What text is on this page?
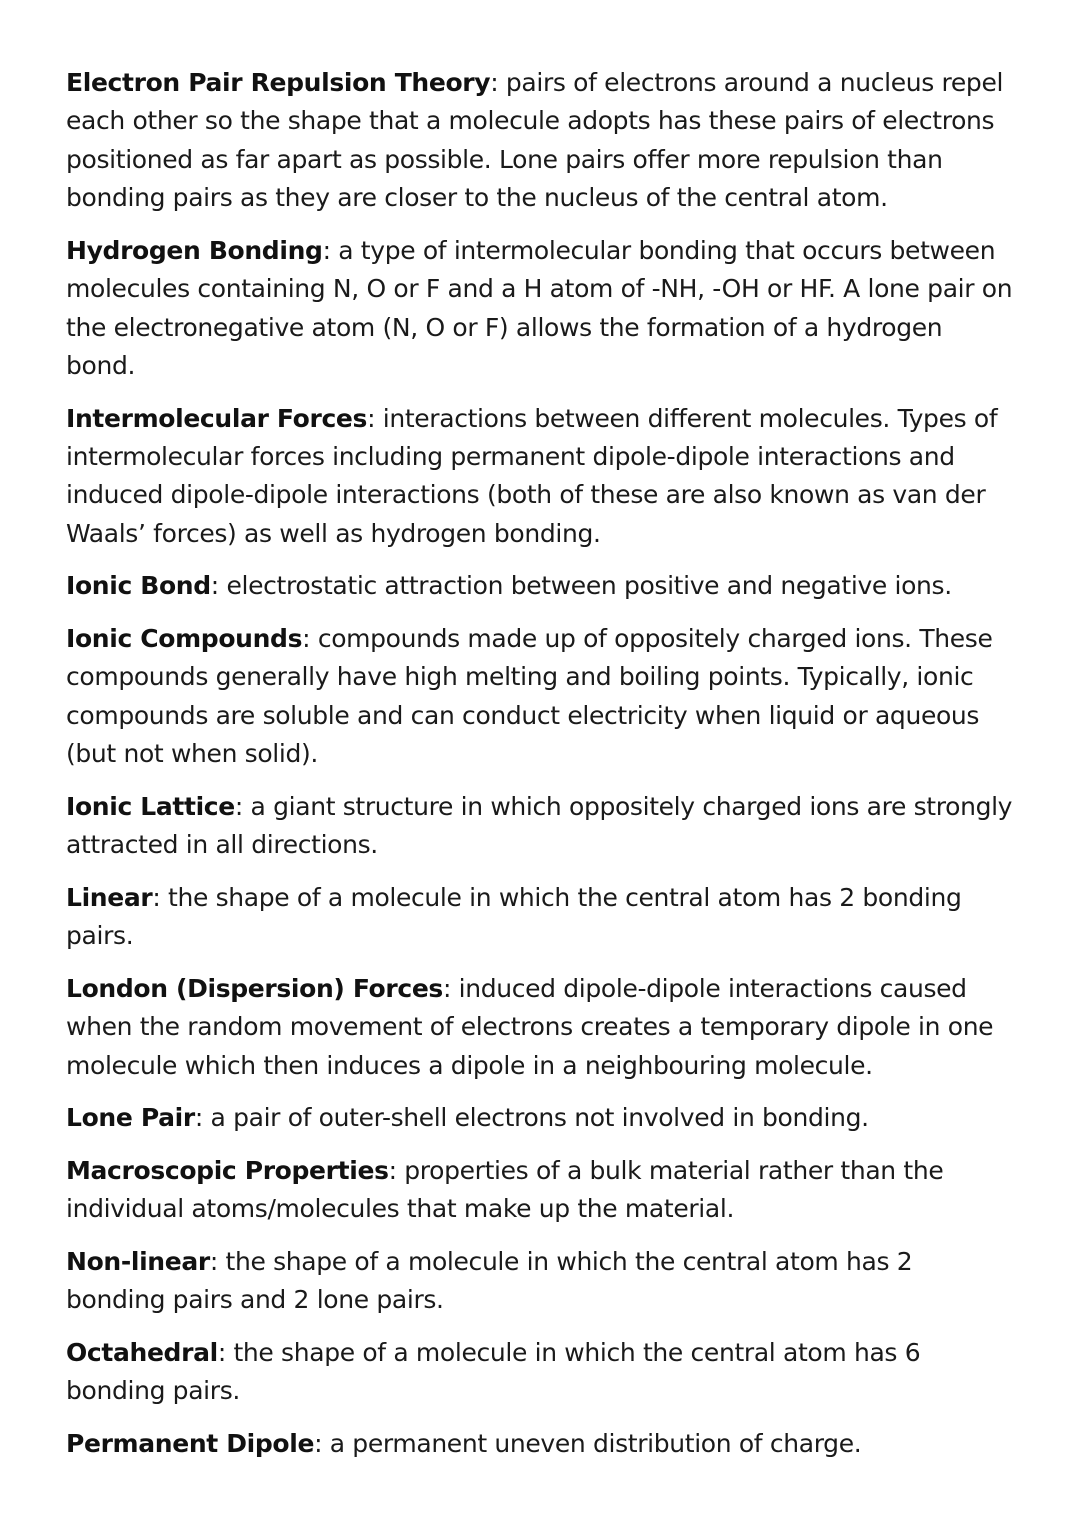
Electron Pair Repulsion Theory: pairs of electrons around a nucleus repel each other so the shape that a molecule adopts has these pairs of electrons positioned as far apart as possible. Lone pairs offer more repulsion than bonding pairs as they are closer to the nucleus of the central atom.

Hydrogen Bonding: a type of intermolecular bonding that occurs between molecules containing N, O or F and a H atom of -NH, -OH or HF. A lone pair on the electronegative atom (N, O or F) allows the formation of a hydrogen bond.

Intermolecular Forces: interactions between different molecules. Types of intermolecular forces including permanent dipole-dipole interactions and induced dipole-dipole interactions (both of these are also known as van der Waals’ forces) as well as hydrogen bonding.

Ionic Bond: electrostatic attraction between positive and negative ions.

Ionic Compounds: compounds made up of oppositely charged ions. These compounds generally have high melting and boiling points. Typically, ionic compounds are soluble and can conduct electricity when liquid or aqueous (but not when solid).

Ionic Lattice: a giant structure in which oppositely charged ions are strongly attracted in all directions.

Linear: the shape of a molecule in which the central atom has 2 bonding pairs.

London (Dispersion) Forces: induced dipole-dipole interactions caused when the random movement of electrons creates a temporary dipole in one molecule which then induces a dipole in a neighbouring molecule.

Lone Pair: a pair of outer-shell electrons not involved in bonding.

Macroscopic Properties: properties of a bulk material rather than the individual atoms/molecules that make up the material.

Non-linear: the shape of a molecule in which the central atom has 2 bonding pairs and 2 lone pairs.

Octahedral: the shape of a molecule in which the central atom has 6 bonding pairs.

Permanent Dipole: a permanent uneven distribution of charge.
